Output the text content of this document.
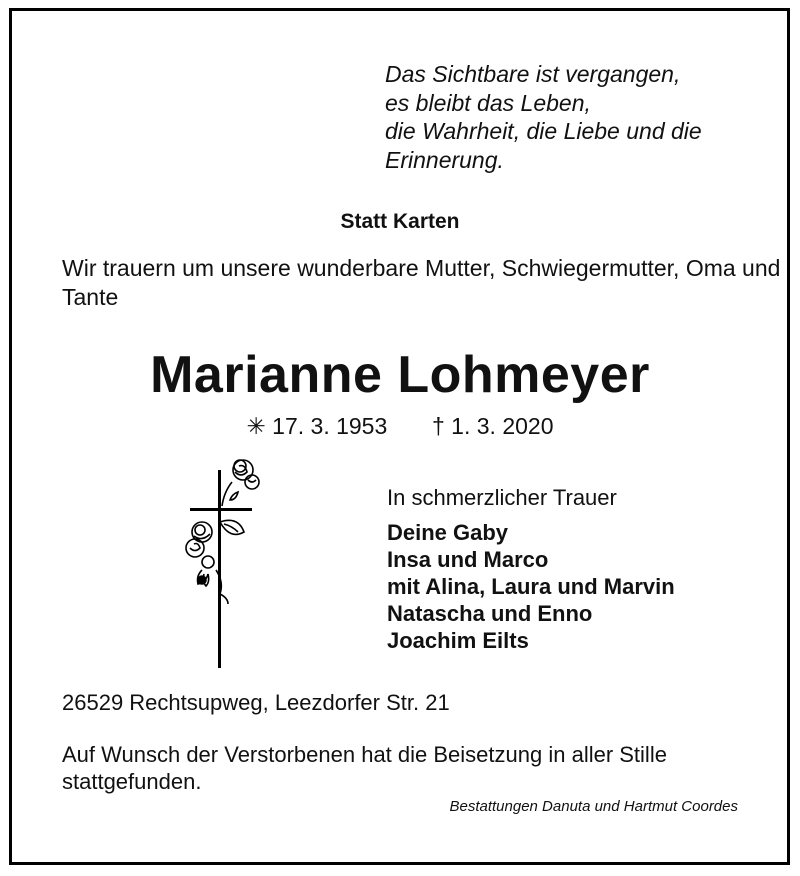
Das Sichtbare ist vergangen,
es bleibt das Leben,
die Wahrheit, die Liebe und die
Erinnerung.
Statt Karten
Wir trauern um unsere wunderbare Mutter, Schwiegermutter, Oma und Tante
Marianne Lohmeyer
✳ 17. 3. 1953 † 1. 3. 2020
In schmerzlicher Trauer
Deine Gaby
Insa und Marco
mit Alina, Laura und Marvin
Natascha und Enno
Joachim Eilts
26529 Rechtsupweg, Leezdorfer Str. 21
Auf Wunsch der Verstorbenen hat die Beisetzung in aller Stille stattgefunden.
Bestattungen Danuta und Hartmut Coordes
